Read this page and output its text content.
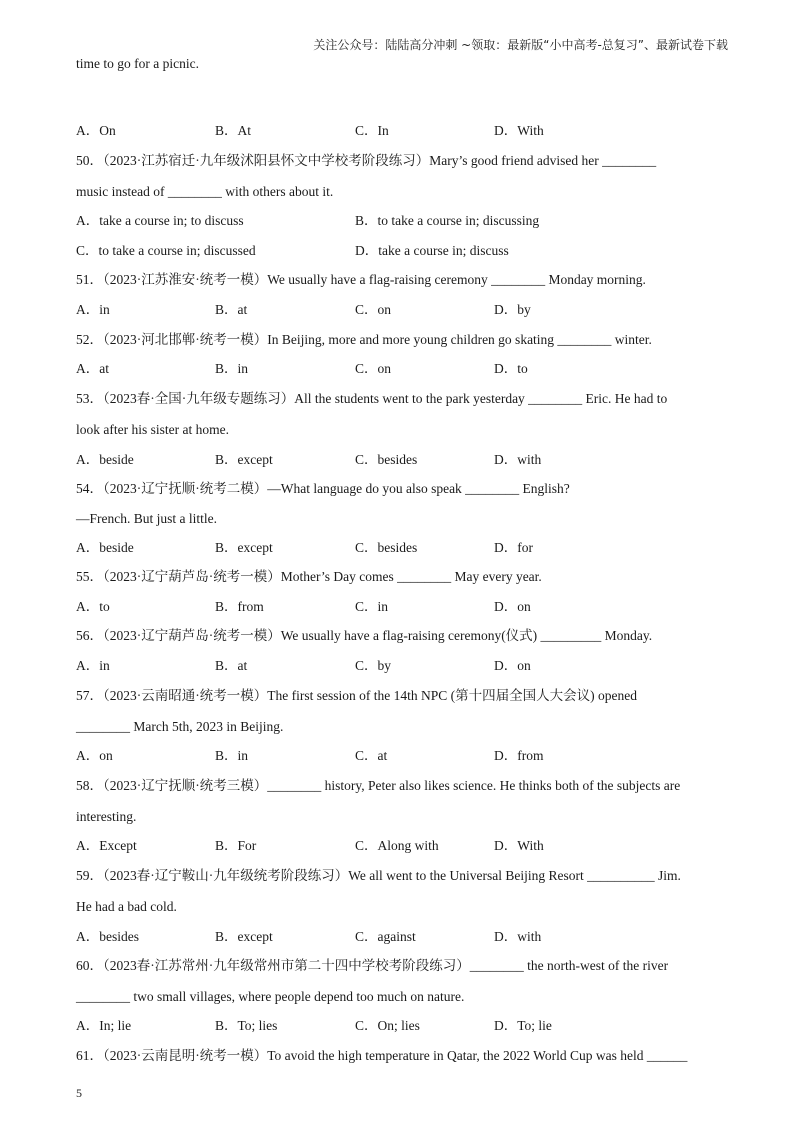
关注公众号：陆陆高分冲刺 ~领取：最新版“小中高考-总复习”、最新试卷下载
time to go for a picnic.
A．On	B．At	C．In	D．With
50．（2023·江苏宿迁·九年级沭阳县怀文中学校考阶段练习）Mary’s good friend advised her ________
music instead of ________ with others about it.
A．take a course in; to discuss	B．to take a course in; discussing
C．to take a course in; discussed	D．take a course in; discuss
51．（2023·江苏淮安·统考一模）We usually have a flag-raising ceremony ________ Monday morning.
A．in	B．at	C．on	D．by
52．（2023·河北邯郸·统考一模）In Beijing, more and more young children go skating ________ winter.
A．at	B．in	C．on	D．to
53．（2023春·全国·九年级专题练习）All the students went to the park yesterday ________ Eric. He had to
look after his sister at home.
A．beside	B．except	C．besides	D．with
54．（2023·辽宁抚顺·统考二模）—What language do you also speak ________ English?
—French. But just a little.
A．beside	B．except	C．besides	D．for
55．（2023·辽宁葫芦岛·统考一模）Mother’s Day comes ________ May every year.
A．to	B．from	C．in	D．on
56．（2023·辽宁葫芦岛·统考一模）We usually have a flag-raising ceremony(仪式) _________ Monday.
A．in	B．at	C．by	D．on
57．（2023·云南昭通·统考一模）The first session of the 14th NPC (第十四届全国人大会议) opened
________ March 5th, 2023 in Beijing.
A．on	B．in	C．at	D．from
58．（2023·辽宁抚顺·统考三模）________ history, Peter also likes science. He thinks both of the subjects are
interesting.
A．Except	B．For	C．Along with	D．With
59．（2023春·辽宁鞍山·九年级统考阶段练习）We all went to the Universal Beijing Resort __________ Jim.
He had a bad cold.
A．besides	B．except	C．against	D．with
60．（2023春·江苏常州·九年级常州市第二十四中学校考阶段练习）________ the north-west of the river
________ two small villages, where people depend too much on nature.
A．In; lie	B．To; lies	C．On; lies	D．To; lie
61．（2023·云南昆明·统考一模）To avoid the high temperature in Qatar, the 2022 World Cup was held ______
5
